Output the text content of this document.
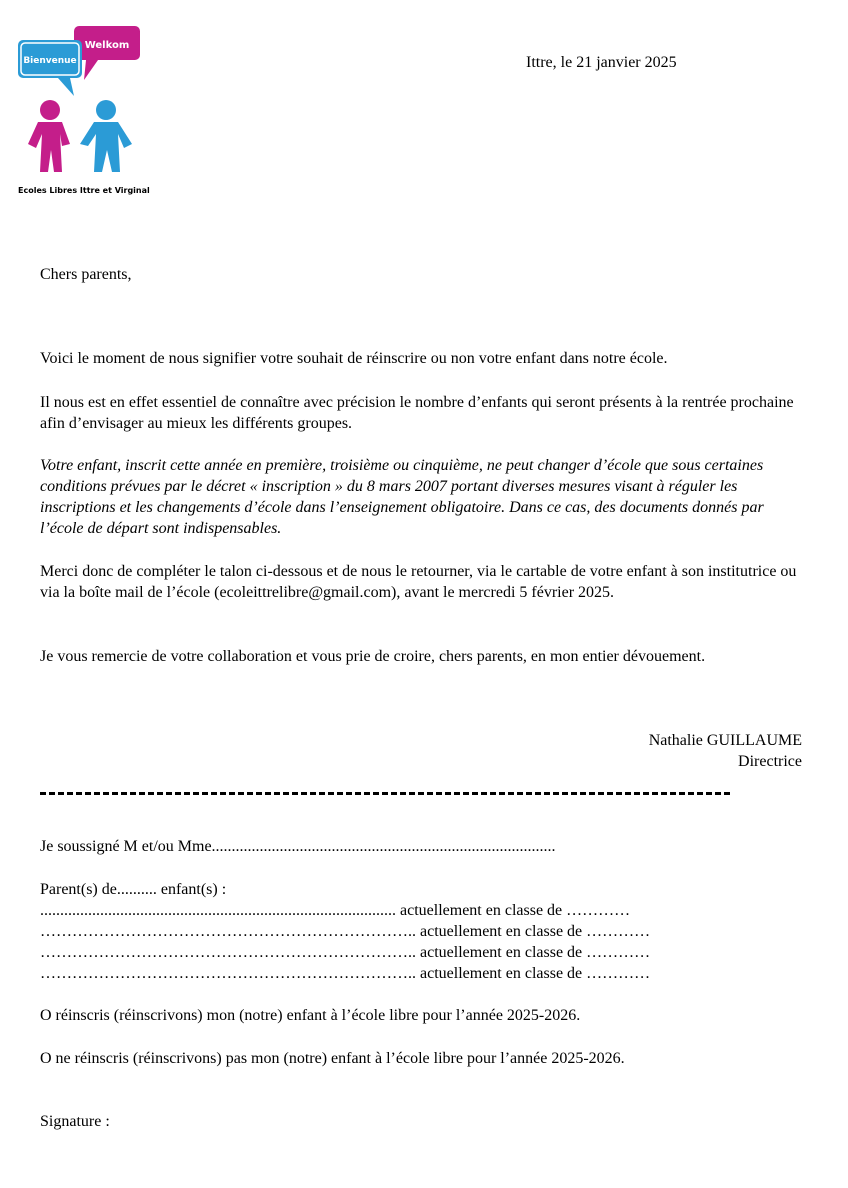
Welkom
Bienvenue
Ecoles Libres Ittre et Virginal
Ittre, le 21 janvier 2025
Chers parents,
Voici le moment de nous signifier votre souhait de réinscrire ou non votre enfant dans notre école.
Il nous est en effet essentiel de connaître avec précision le nombre d’enfants qui seront présents à la rentrée prochaine afin d’envisager au mieux les différents groupes.
Votre enfant, inscrit cette année en première, troisième ou cinquième, ne peut changer d’école que sous certaines conditions prévues par le décret « inscription » du 8 mars 2007 portant diverses mesures visant à réguler les inscriptions et les changements d’école dans l’enseignement obligatoire. Dans ce cas, des documents donnés par l’école de départ sont indispensables.
Merci donc de compléter le talon ci-dessous et de nous le retourner, via le cartable de votre enfant à son institutrice ou via la boîte mail de l’école (ecoleittrelibre@gmail.com), avant le mercredi 5 février 2025.
Je vous remercie de votre collaboration et vous prie de croire, chers parents, en mon entier dévouement.
Nathalie GUILLAUME
Directrice
Je soussigné M et/ou Mme......................................................................................
Parent(s) de.......... enfant(s) :
......................................................................................... actuellement en classe de …………
…………………………………………………………….. actuellement en classe de …………
…………………………………………………………….. actuellement en classe de …………
…………………………………………………………….. actuellement en classe de …………
O réinscris (réinscrivons) mon (notre) enfant à l’école libre pour l’année 2025-2026.
O ne réinscris (réinscrivons) pas mon (notre) enfant à l’école libre pour l’année 2025-2026.
Signature :
